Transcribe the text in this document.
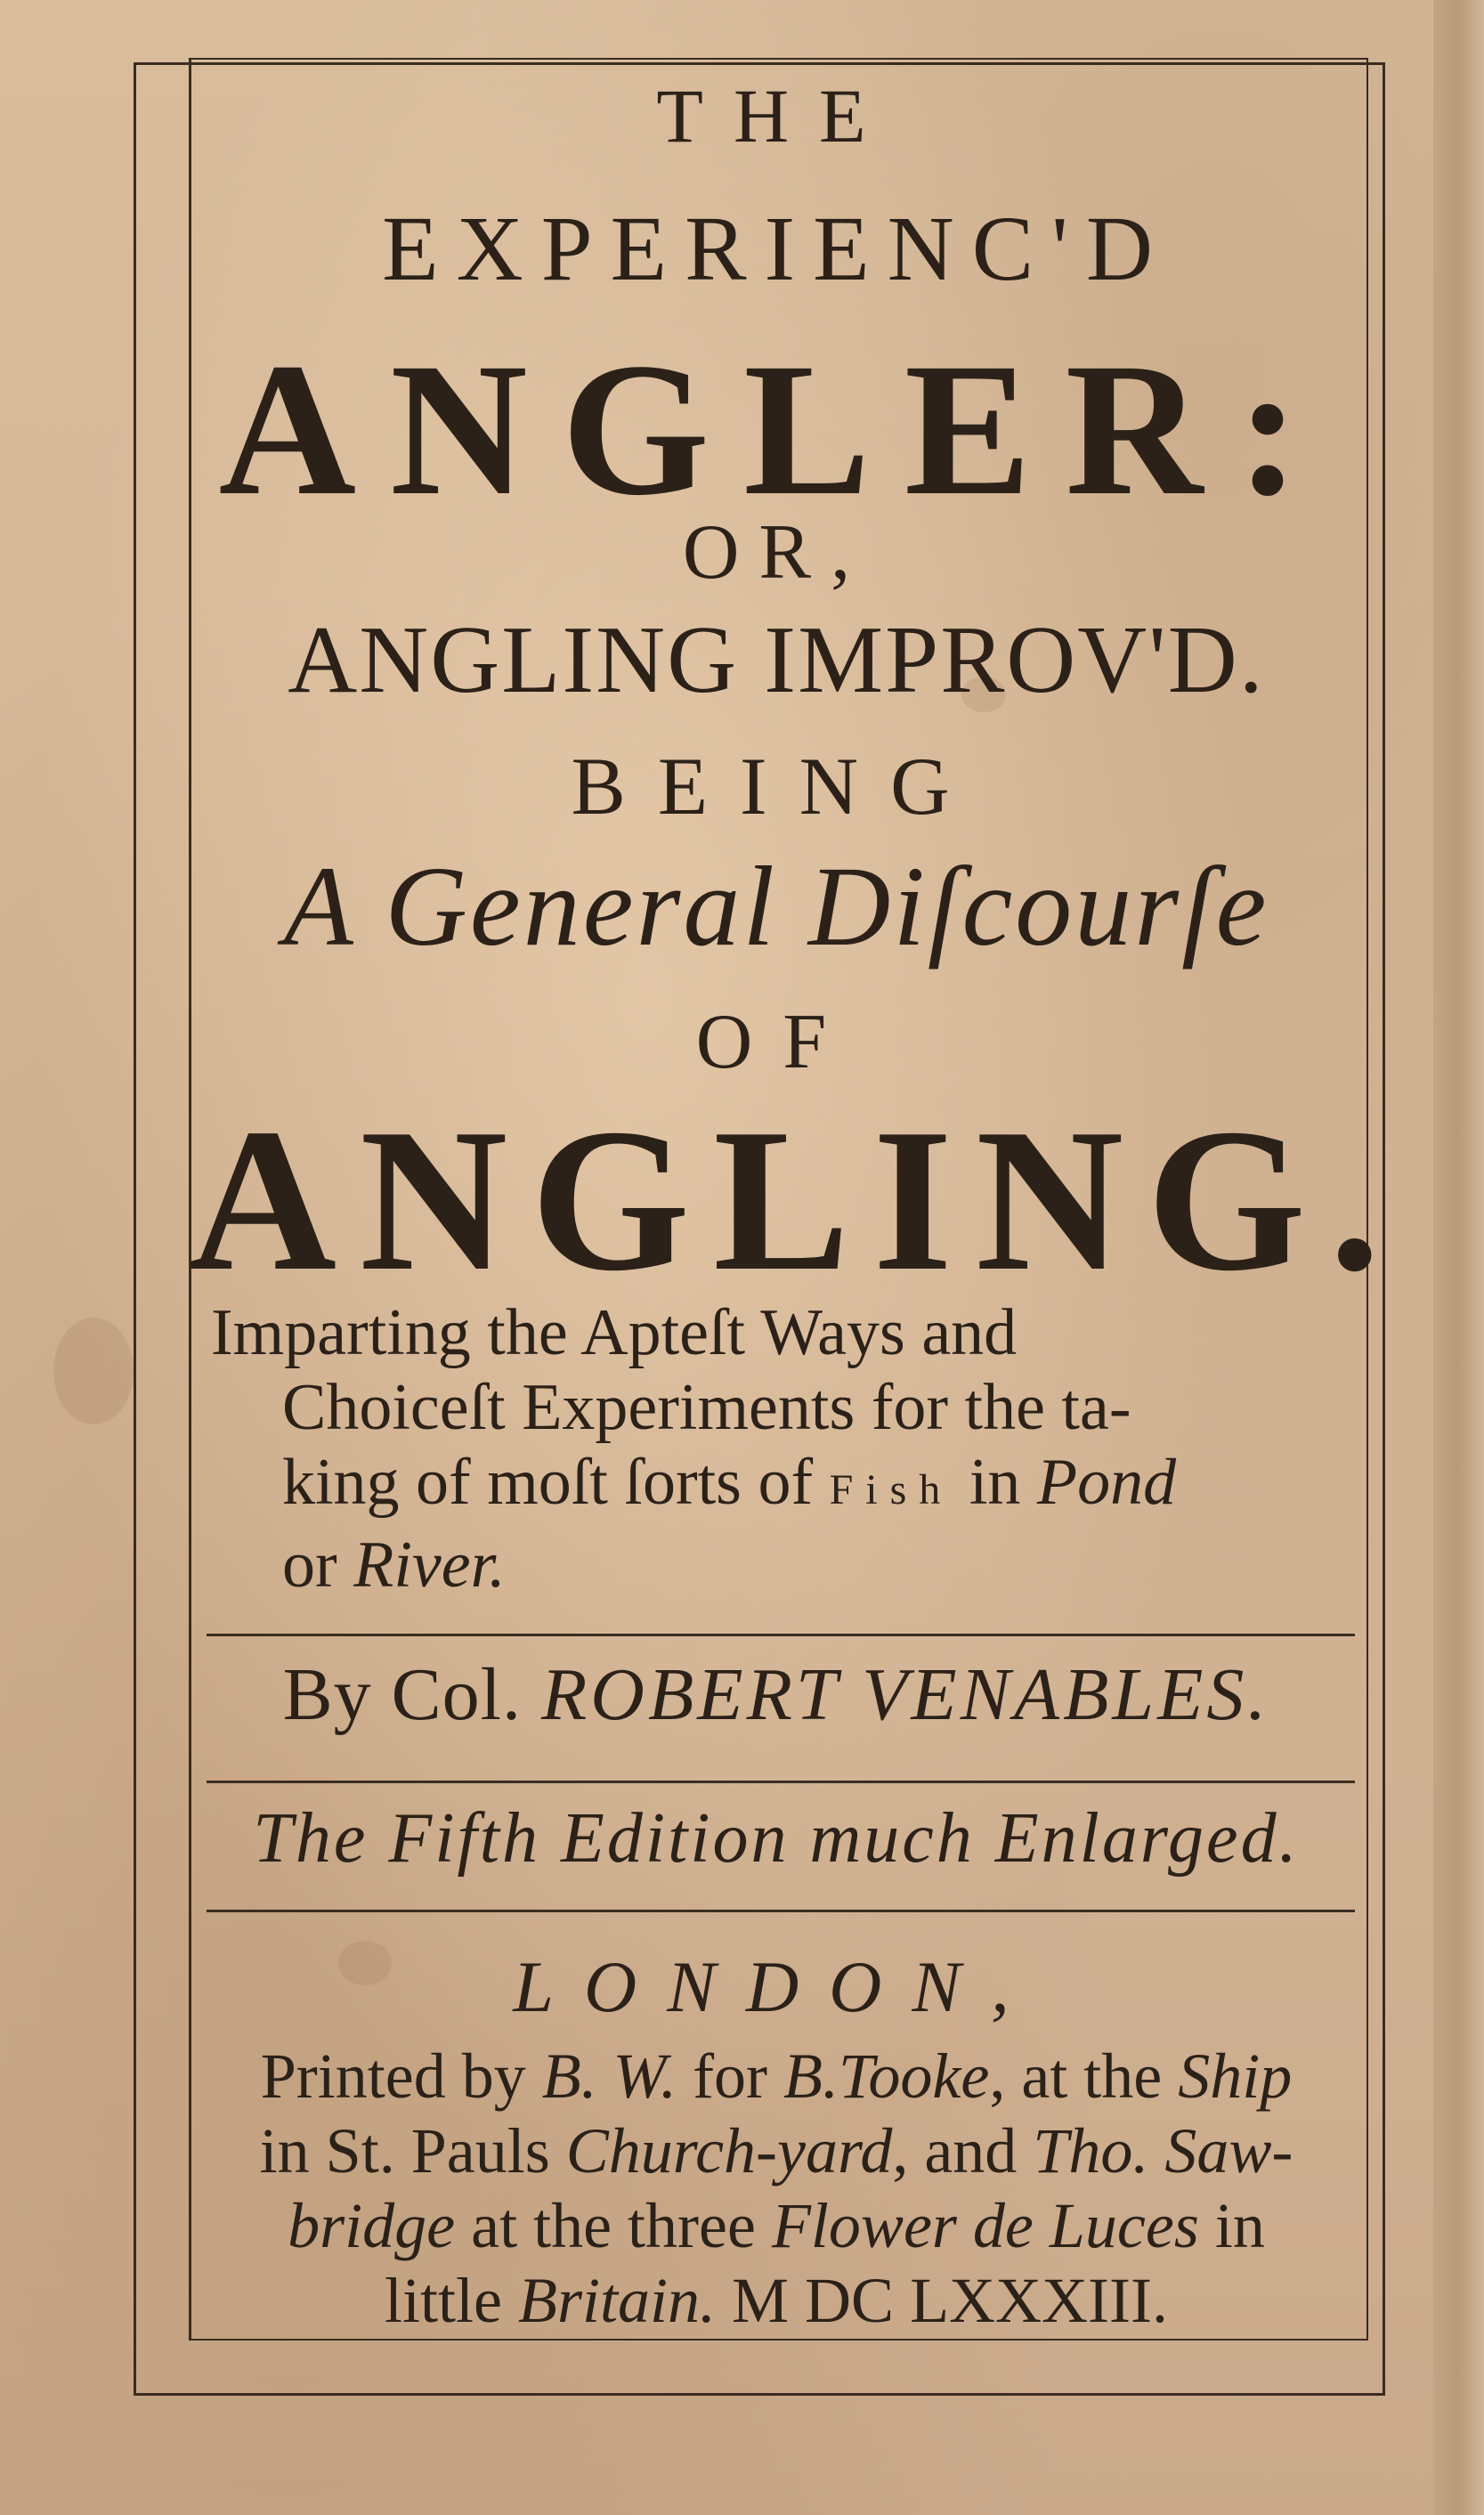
THE
EXPERIENC'D
ANGLER:
OR,
ANGLING IMPROV'D.
BEING
A General Diſcourſe
OF
ANGLING.
Imparting the Apteſt Ways and
Choiceſt Experiments for the ta-
king of moſt ſorts of Fish in Pond
or River.
By Col. ROBERT VENABLES.
The Fifth Edition much Enlarged.
LONDON,
Printed by B. W. for B.Tooke, at the Ship
in St. Pauls Church-yard, and Tho. Saw-
bridge at the three Flower de Luces in
little Britain. M DC LXXXIII.
